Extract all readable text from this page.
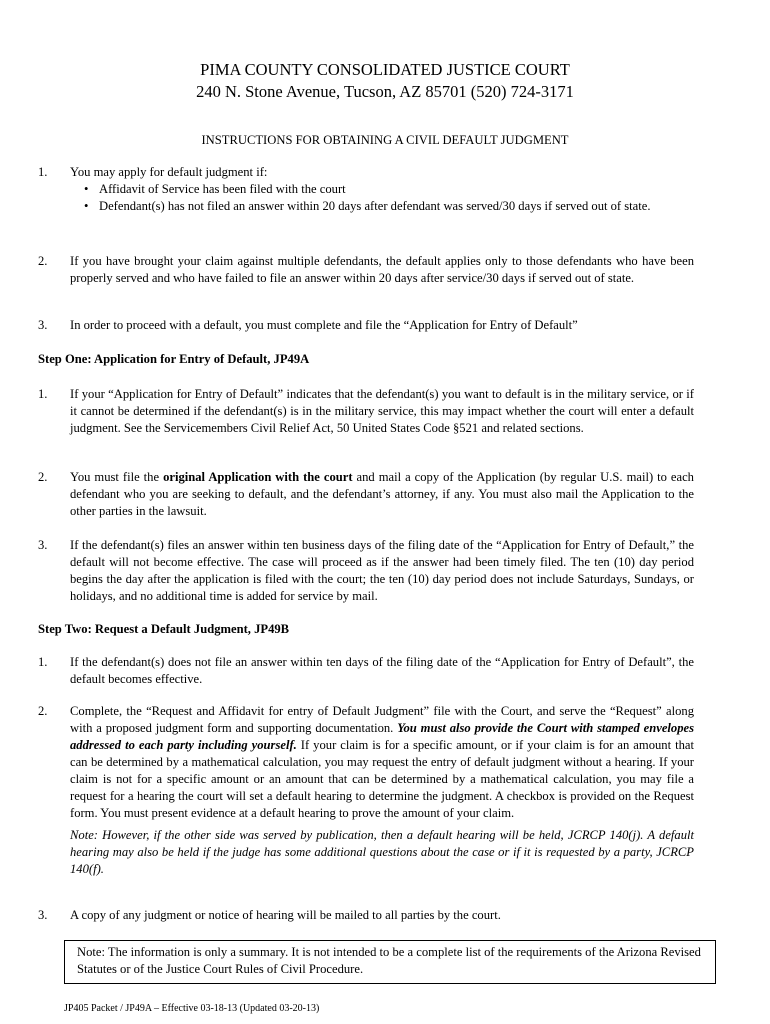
PIMA COUNTY CONSOLIDATED JUSTICE COURT
240 N. Stone Avenue, Tucson, AZ 85701 (520) 724-3171
INSTRUCTIONS FOR OBTAINING A CIVIL DEFAULT JUDGMENT
1.	You may apply for default judgment if:
• Affidavit of Service has been filed with the court
• Defendant(s) has not filed an answer within 20 days after defendant was served/30 days if served out of state.
2.	If you have brought your claim against multiple defendants, the default applies only to those defendants who have been properly served and who have failed to file an answer within 20 days after service/30 days if served out of state.
3.	In order to proceed with a default, you must complete and file the “Application for Entry of Default”
Step One: Application for Entry of Default, JP49A
1.	If your “Application for Entry of Default” indicates that the defendant(s) you want to default is in the military service, or if it cannot be determined if the defendant(s) is in the military service, this may impact whether the court will enter a default judgment. See the Servicemembers Civil Relief Act, 50 United States Code §521 and related sections.
2.	You must file the original Application with the court and mail a copy of the Application (by regular U.S. mail) to each defendant who you are seeking to default, and the defendant’s attorney, if any. You must also mail the Application to the other parties in the lawsuit.
3.	If the defendant(s) files an answer within ten business days of the filing date of the “Application for Entry of Default,” the default will not become effective. The case will proceed as if the answer had been timely filed. The ten (10) day period begins the day after the application is filed with the court; the ten (10) day period does not include Saturdays, Sundays, or holidays, and no additional time is added for service by mail.
Step Two: Request a Default Judgment, JP49B
1.	If the defendant(s) does not file an answer within ten days of the filing date of the “Application for Entry of Default”, the default becomes effective.
2.	Complete, the “Request and Affidavit for entry of Default Judgment” file with the Court, and serve the “Request” along with a proposed judgment form and supporting documentation. You must also provide the Court with stamped envelopes addressed to each party including yourself. If your claim is for a specific amount, or if your claim is for an amount that can be determined by a mathematical calculation, you may request the entry of default judgment without a hearing. If your claim is not for a specific amount or an amount that can be determined by a mathematical calculation, you may file a request for a hearing the court will set a default hearing to determine the judgment. A checkbox is provided on the Request form. You must present evidence at a default hearing to prove the amount of your claim.
Note: However, if the other side was served by publication, then a default hearing will be held, JCRCP 140(j). A default hearing may also be held if the judge has some additional questions about the case or if it is requested by a party, JCRCP 140(f).
3.	A copy of any judgment or notice of hearing will be mailed to all parties by the court.
Note: The information is only a summary. It is not intended to be a complete list of the requirements of the Arizona Revised Statutes or of the Justice Court Rules of Civil Procedure.
JP405 Packet / JP49A – Effective 03-18-13 (Updated 03-20-13)
